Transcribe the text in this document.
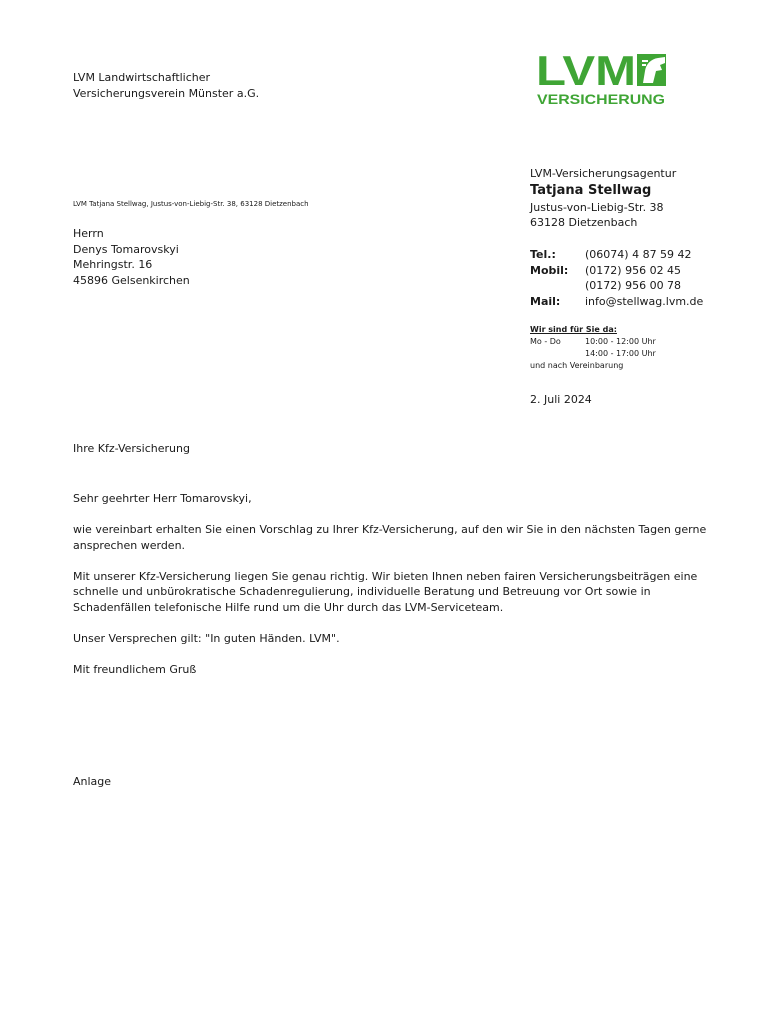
LVM Landwirtschaftlicher
Versicherungsverein Münster a.G.	LVM
VERSICHERUNG
LVM Tatjana Stellwag, Justus-von-Liebig-Str. 38, 63128 Dietzenbach
Herrn
Denys Tomarovskyi
Mehringstr. 16
45896 Gelsenkirchen
LVM-Versicherungsagentur
Tatjana Stellwag
Justus-von-Liebig-Str. 38
63128 Dietzenbach
Tel.:	(06074) 4 87 59 42
Mobil:	(0172) 956 02 45
(0172) 956 00 78
Mail:	info@stellwag.lvm.de
Wir sind für Sie da:
Mo - Do	10:00 - 12:00 Uhr
14:00 - 17:00 Uhr
und nach Vereinbarung
2. Juli 2024
Ihre Kfz-Versicherung

Sehr geehrter Herr Tomarovskyi,

wie vereinbart erhalten Sie einen Vorschlag zu Ihrer Kfz-Versicherung, auf den wir Sie in den nächsten Tagen gerne ansprechen werden.

Mit unserer Kfz-Versicherung liegen Sie genau richtig. Wir bieten Ihnen neben fairen Versicherungsbeiträgen eine schnelle und unbürokratische Schadenregulierung, individuelle Beratung und Betreuung vor Ort sowie in Schadenfällen telefonische Hilfe rund um die Uhr durch das LVM-Serviceteam.

Unser Versprechen gilt: "In guten Händen. LVM".

Mit freundlichem Gruß

Anlage
